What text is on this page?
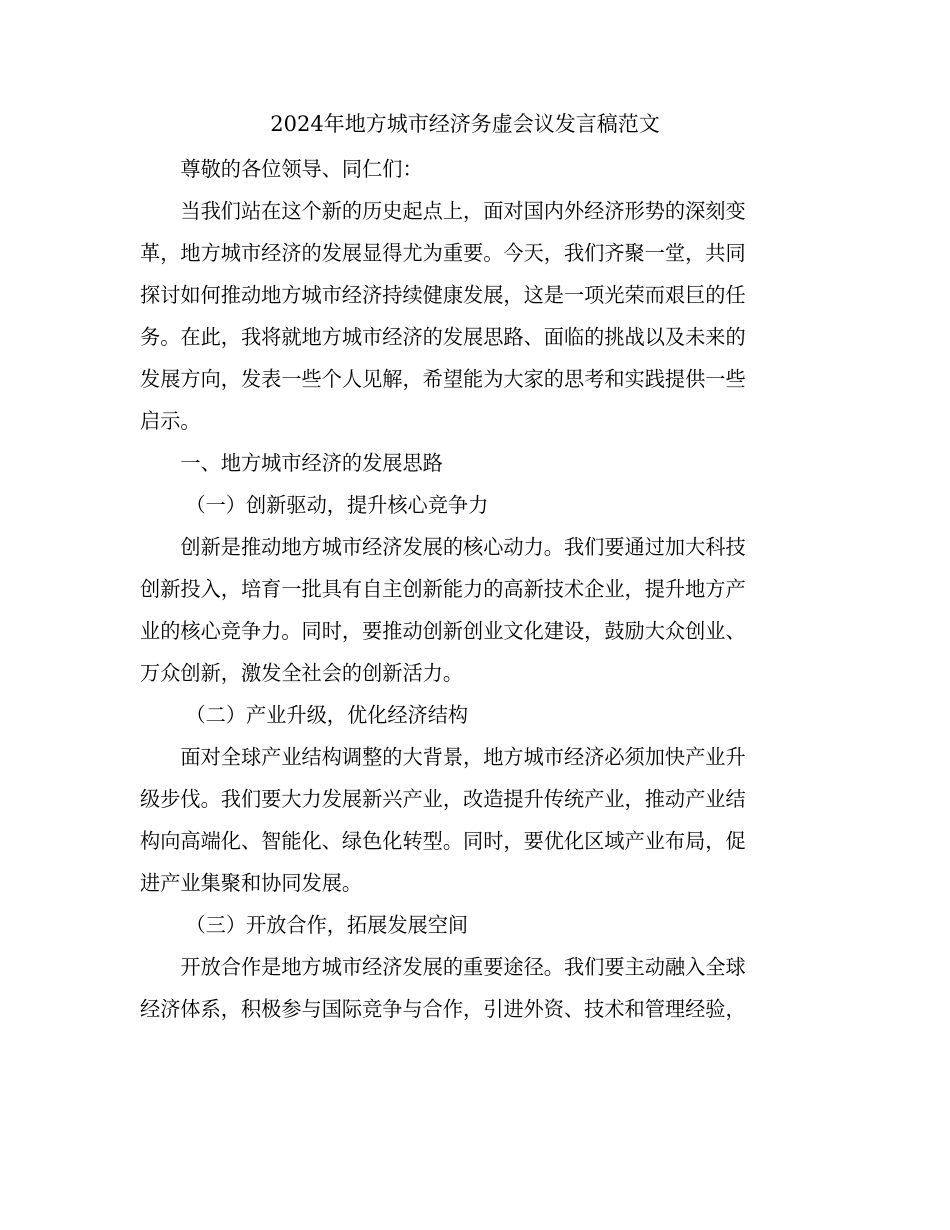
2024年地方城市经济务虚会议发言稿范文
尊敬的各位领导、同仁们：
当我们站在这个新的历史起点上，面对国内外经济形势的深刻变
革，地方城市经济的发展显得尤为重要。今天，我们齐聚一堂，共同
探讨如何推动地方城市经济持续健康发展，这是一项光荣而艰巨的任
务。在此，我将就地方城市经济的发展思路、面临的挑战以及未来的
发展方向，发表一些个人见解，希望能为大家的思考和实践提供一些
启示。
一、地方城市经济的发展思路
（一）创新驱动，提升核心竞争力
创新是推动地方城市经济发展的核心动力。我们要通过加大科技
创新投入，培育一批具有自主创新能力的高新技术企业，提升地方产
业的核心竞争力。同时，要推动创新创业文化建设，鼓励大众创业、
万众创新，激发全社会的创新活力。
（二）产业升级，优化经济结构
面对全球产业结构调整的大背景，地方城市经济必须加快产业升
级步伐。我们要大力发展新兴产业，改造提升传统产业，推动产业结
构向高端化、智能化、绿色化转型。同时，要优化区域产业布局，促
进产业集聚和协同发展。
（三）开放合作，拓展发展空间
开放合作是地方城市经济发展的重要途径。我们要主动融入全球
经济体系，积极参与国际竞争与合作，引进外资、技术和管理经验，
